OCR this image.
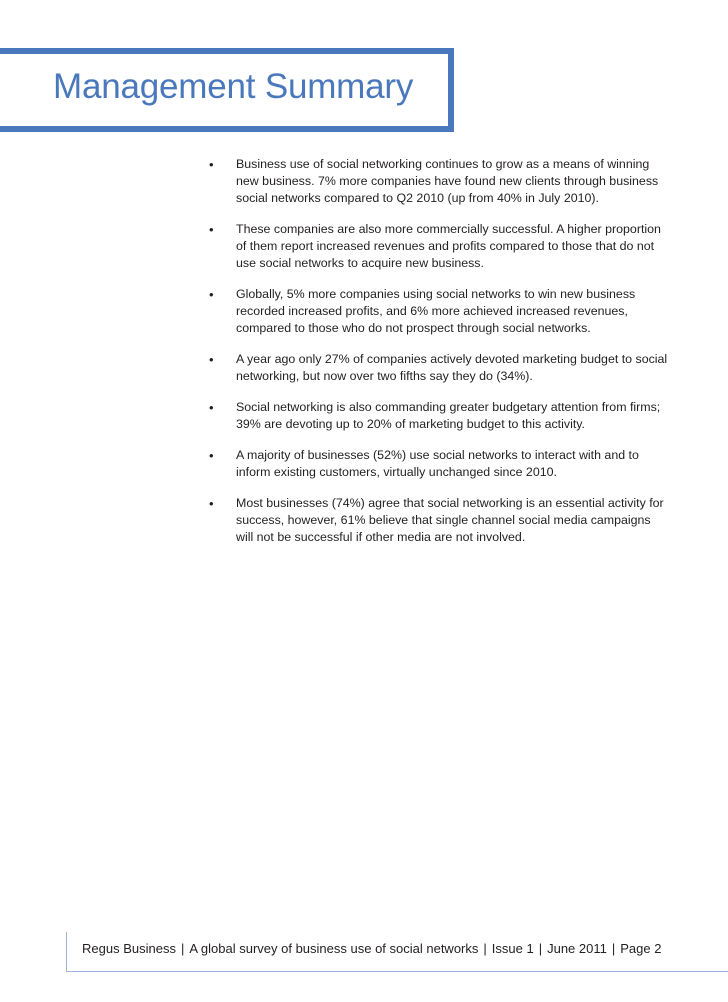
Management Summary
• Business use of social networking continues to grow as a means of winning new business. 7% more companies have found new clients through business social networks compared to Q2 2010 (up from 40% in July 2010).
• These companies are also more commercially successful. A higher proportion of them report increased revenues and profits compared to those that do not use social networks to acquire new business.
• Globally, 5% more companies using social networks to win new business recorded increased profits, and 6% more achieved increased revenues, compared to those who do not prospect through social networks.
• A year ago only 27% of companies actively devoted marketing budget to social networking, but now over two fifths say they do (34%).
• Social networking is also commanding greater budgetary attention from firms; 39% are devoting up to 20% of marketing budget to this activity.
• A majority of businesses (52%) use social networks to interact with and to inform existing customers, virtually unchanged since 2010.
• Most businesses (74%) agree that social networking is an essential activity for success, however, 61% believe that single channel social media campaigns will not be successful if other media are not involved.
Regus Business | A global survey of business use of social networks | Issue 1 | June 2011 | Page 2
